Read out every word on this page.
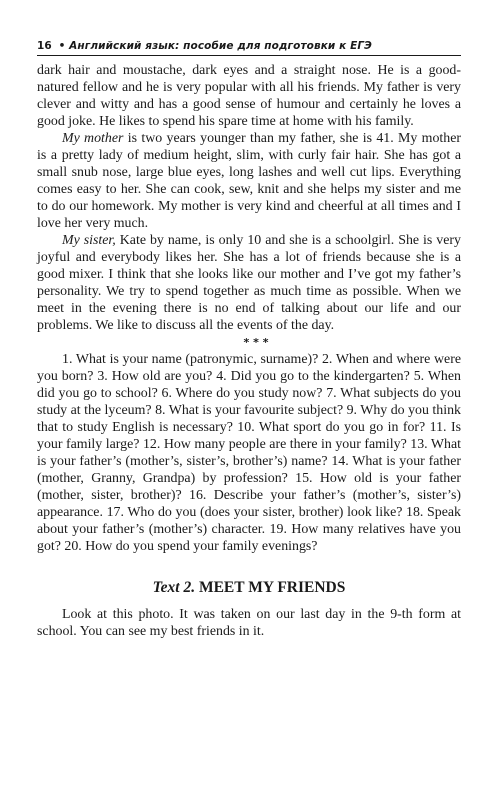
16 • Английский язык: пособие для подготовки к ЕГЭ

dark hair and moustache, dark eyes and a straight nose. He is a good-natured fellow and he is very popular with all his friends. My father is very clever and witty and has a good sense of humour and certainly he loves a good joke. He likes to spend his spare time at home with his family.

My mother is two years younger than my father, she is 41. My mother is a pretty lady of medium height, slim, with curly fair hair. She has got a small snub nose, large blue eyes, long lashes and well cut lips. Everything comes easy to her. She can cook, sew, knit and she helps my sister and me to do our homework. My mother is very kind and cheerful at all times and I love her very much.

My sister, Kate by name, is only 10 and she is a schoolgirl. She is very joyful and everybody likes her. She has a lot of friends because she is a good mixer. I think that she looks like our mother and I’ve got my father’s personality. We try to spend together as much time as possible. When we meet in the evening there is no end of talking about our life and our problems. We like to discuss all the events of the day.

* * *

1. What is your name (patronymic, surname)? 2. When and where were you born? 3. How old are you? 4. Did you go to the kindergarten? 5. When did you go to school? 6. Where do you study now? 7. What subjects do you study at the lyceum? 8. What is your favourite subject? 9. Why do you think that to study English is necessary? 10. What sport do you go in for? 11. Is your family large? 12. How many people are there in your family? 13. What is your father’s (mother’s, sister’s, brother’s) name? 14. What is your father (mother, Granny, Grandpa) by profession? 15. How old is your father (mother, sister, brother)? 16. Describe your father’s (mother’s, sister’s) appearance. 17. Who do you (does your sister, brother) look like? 18. Speak about your father’s (mother’s) character. 19. How many relatives have you got? 20. How do you spend your family evenings?

Text 2. MEET MY FRIENDS

Look at this photo. It was taken on our last day in the 9-th form at school. You can see my best friends in it.
